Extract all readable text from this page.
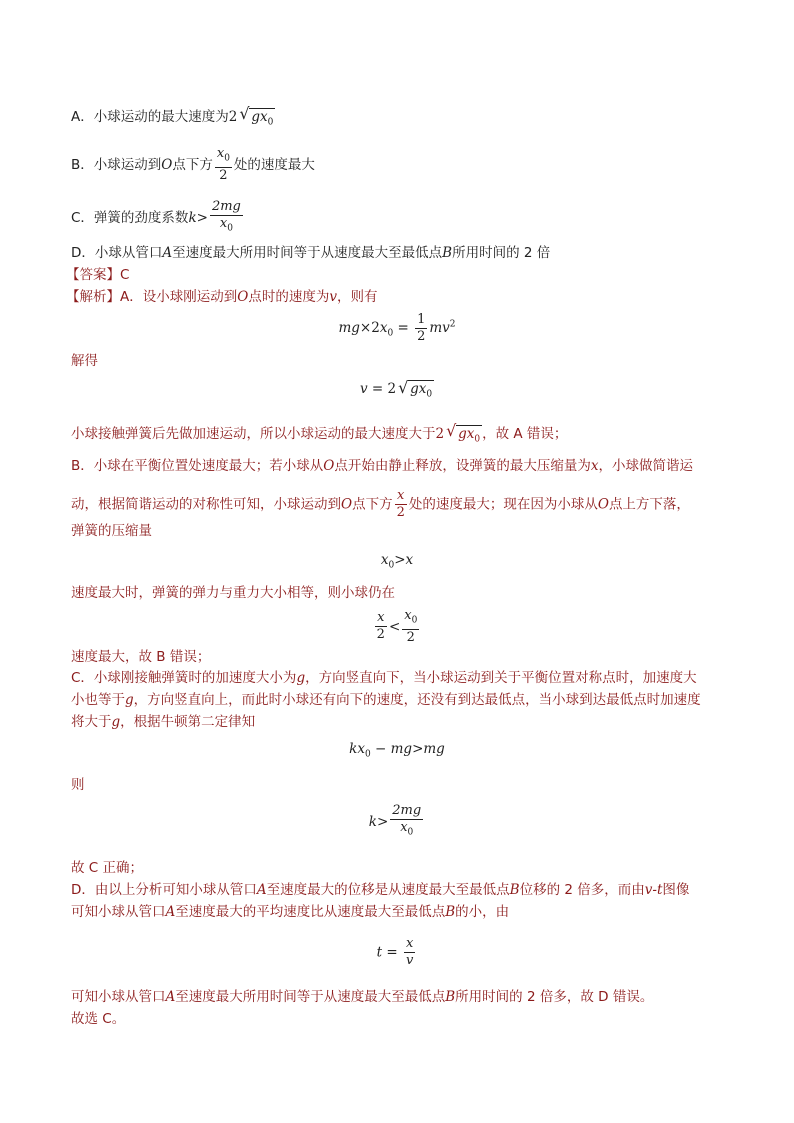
A．小球运动的最大速度为2 √ $gx_0$
B．小球运动到O点下方 $\frac{x_0}{2}$ 处的速度最大
C．弹簧的劲度系数$k> \frac{2mg}{x_0}$
D．小球从管口A至速度最大所用时间等于从速度最大至最低点B所用时间的 2 倍
【答案】C
【解析】A．设小球刚运动到O点时的速度为v，则有
$mg\times 2x_0 = \frac{1}{2} mv^2$
解得
v = 2 √ $gx_0$
小球接触弹簧后先做加速运动，所以小球运动的最大速度大于2 √ $gx_0$ ，故 A 错误；
B．小球在平衡位置处速度最大；若小球从O点开始由静止释放，设弹簧的最大压缩量为x，小球做简谐运
动，根据简谐运动的对称性可知，小球运动到O点下方 $\frac{x}{2}$ 处的速度最大；现在因为小球从O点上方下落，
弹簧的压缩量
$x_0>x$
速度最大时，弹簧的弹力与重力大小相等，则小球仍在
$\frac{x}{2} < \frac{x_0}{2}$
速度最大，故 B 错误；
C．小球刚接触弹簧时的加速度大小为g，方向竖直向下，当小球运动到关于平衡位置对称点时，加速度大
小也等于g，方向竖直向上，而此时小球还有向下的速度，还没有到达最低点，当小球到达最低点时加速度
将大于g，根据牛顿第二定律知
$kx_0 - mg>mg$
则
$k> \frac{2mg}{x_0}$
故 C 正确；
D．由以上分析可知小球从管口A至速度最大的位移是从速度最大至最低点B位移的 2 倍多，而由v-t图像
可知小球从管口A至速度最大的平均速度比从速度最大至最低点B的小，由
$t = \frac{x}{v}$
可知小球从管口A至速度最大所用时间等于从速度最大至最低点B所用时间的 2 倍多，故 D 错误。
故选 C。
